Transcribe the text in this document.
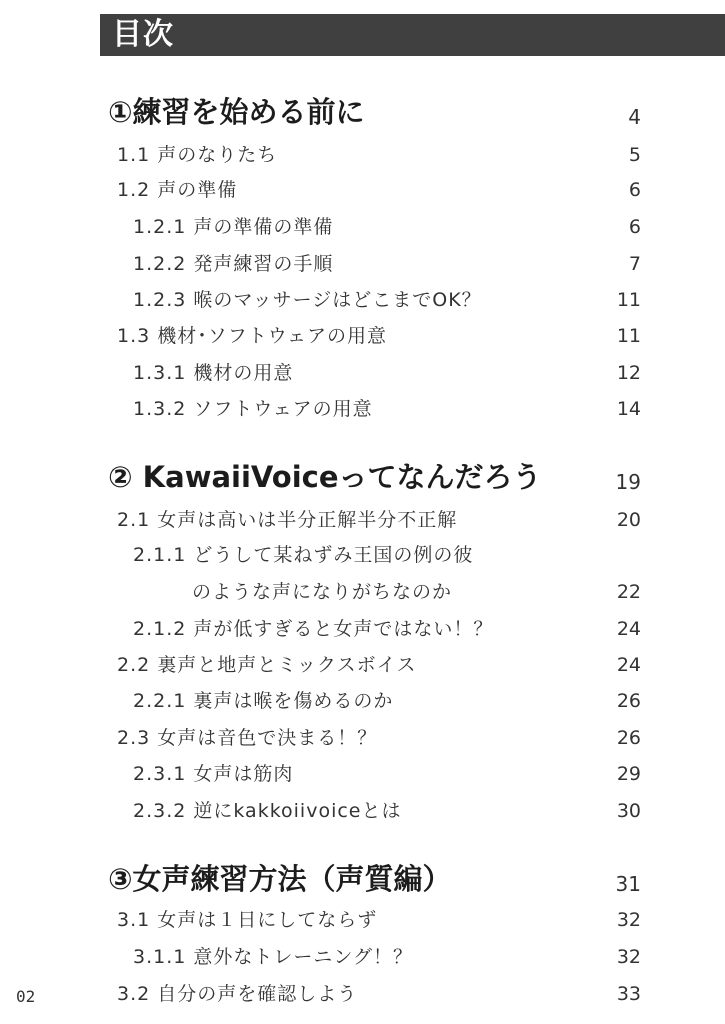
目次
①練習を始める前に	4
1.1 声のなりたち	5
1.2 声の準備	6
1.2.1 声の準備の準備	6
1.2.2 発声練習の手順	7
1.2.3 喉のマッサージはどこまでOK？	11
1.3 機材･ソフトウェアの用意	11
1.3.1 機材の用意	12
1.3.2 ソフトウェアの用意	14
② KawaiiVoiceってなんだろう	19
2.1 女声は高いは半分正解半分不正解	20
2.1.1 どうして某ねずみ王国の例の彼
のような声になりがちなのか	22
2.1.2 声が低すぎると女声ではない！？	24
2.2 裏声と地声とミックスボイス	24
2.2.1 裏声は喉を傷めるのか	26
2.3 女声は音色で決まる！？	26
2.3.1 女声は筋肉	29
2.3.2 逆にkakkoiivoiceとは	30
③女声練習方法（声質編）	31
3.1 女声は１日にしてならず	32
3.1.1 意外なトレーニング！？	32
3.2 自分の声を確認しよう	33
02
